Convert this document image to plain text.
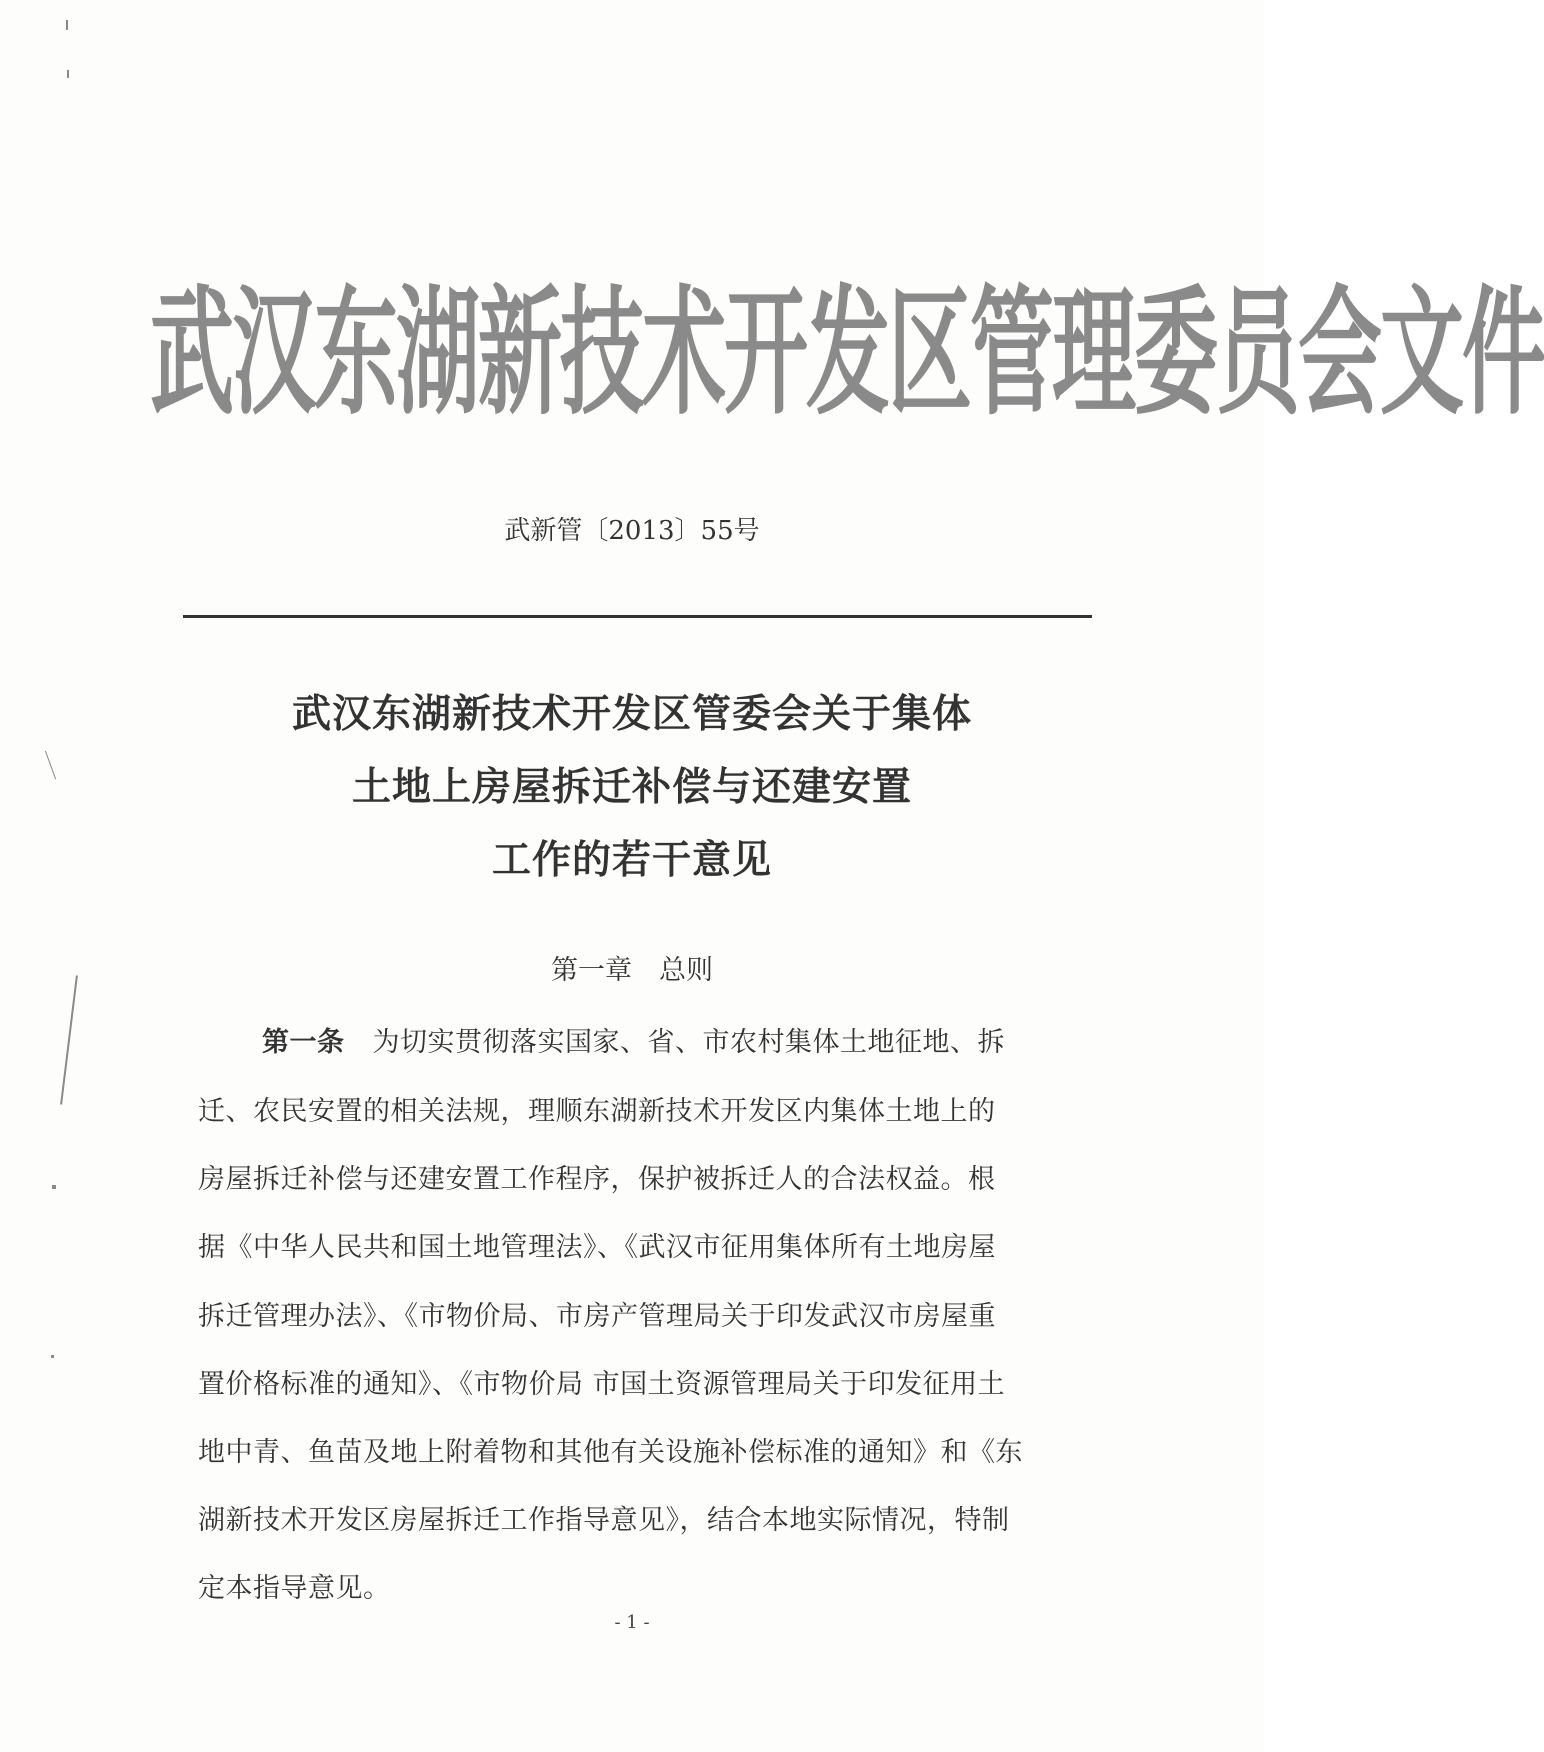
武汉东湖新技术开发区管理委员会文件
武新管〔2013〕55号
武汉东湖新技术开发区管委会关于集体
土地上房屋拆迁补偿与还建安置
工作的若干意见
第一章　总则
第一条 为切实贯彻落实国家、省、市农村集体土地征地、拆
迁、农民安置的相关法规，理顺东湖新技术开发区内集体土地上的
房屋拆迁补偿与还建安置工作程序，保护被拆迁人的合法权益。根
据《中华人民共和国土地管理法》、《武汉市征用集体所有土地房屋
拆迁管理办法》、《市物价局、市房产管理局关于印发武汉市房屋重
置价格标准的通知》、《市物价局 市国土资源管理局关于印发征用土
地中青、鱼苗及地上附着物和其他有关设施补偿标准的通知》和《东
湖新技术开发区房屋拆迁工作指导意见》，结合本地实际情况，特制
定本指导意见。
- 1 -
